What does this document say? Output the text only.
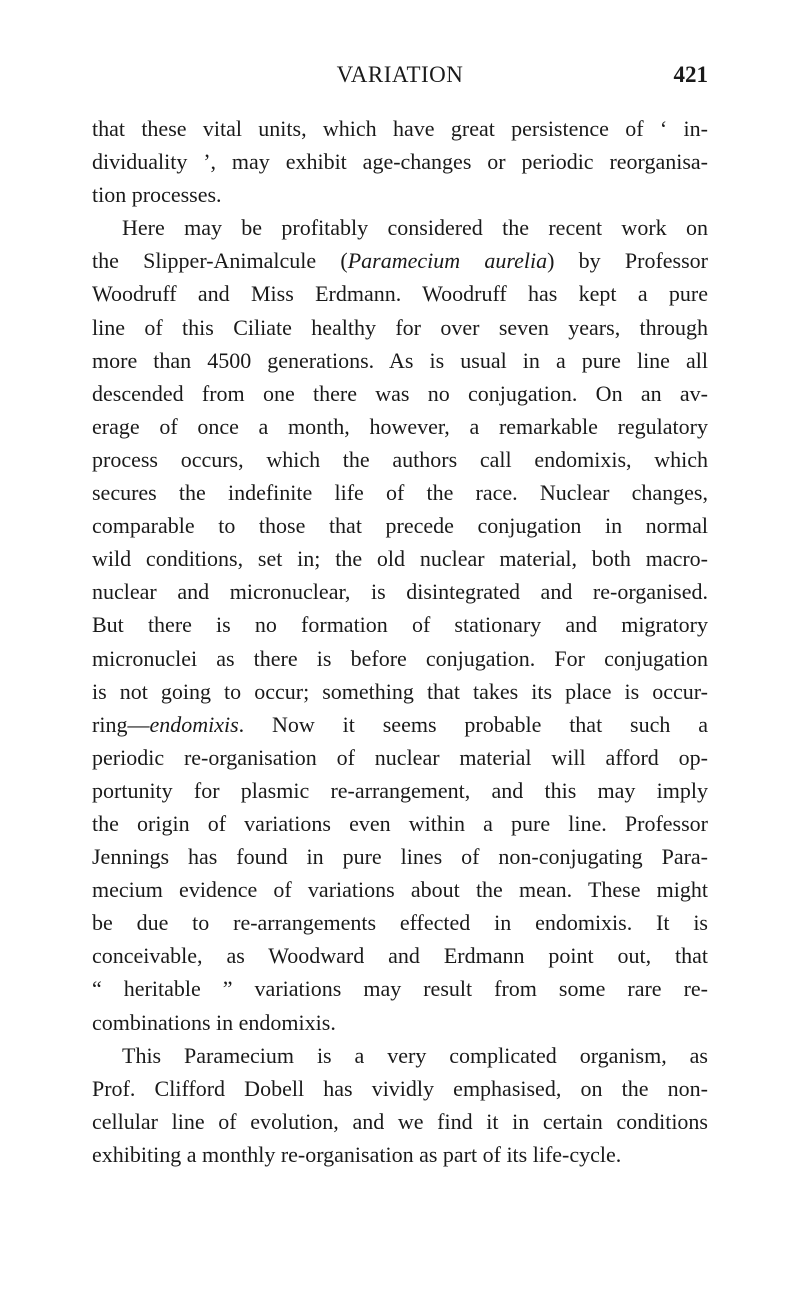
VARIATION	421
that these vital units, which have great persistence of ‘ in-
dividuality ’, may exhibit age-changes or periodic reorganisa-
tion processes.
Here may be profitably considered the recent work on
the Slipper-Animalcule (Paramecium aurelia) by Professor
Woodruff and Miss Erdmann. Woodruff has kept a pure
line of this Ciliate healthy for over seven years, through
more than 4500 generations. As is usual in a pure line all
descended from one there was no conjugation. On an av-
erage of once a month, however, a remarkable regulatory
process occurs, which the authors call endomixis, which
secures the indefinite life of the race. Nuclear changes,
comparable to those that precede conjugation in normal
wild conditions, set in; the old nuclear material, both macro-
nuclear and micronuclear, is disintegrated and re-organised.
But there is no formation of stationary and migratory
micronuclei as there is before conjugation. For conjugation
is not going to occur; something that takes its place is occur-
ring—endomixis. Now it seems probable that such a
periodic re-organisation of nuclear material will afford op-
portunity for plasmic re-arrangement, and this may imply
the origin of variations even within a pure line. Professor
Jennings has found in pure lines of non-conjugating Para-
mecium evidence of variations about the mean. These might
be due to re-arrangements effected in endomixis. It is
conceivable, as Woodward and Erdmann point out, that
“ heritable ” variations may result from some rare re-
combinations in endomixis.
This Paramecium is a very complicated organism, as
Prof. Clifford Dobell has vividly emphasised, on the non-
cellular line of evolution, and we find it in certain conditions
exhibiting a monthly re-organisation as part of its life-cycle.
